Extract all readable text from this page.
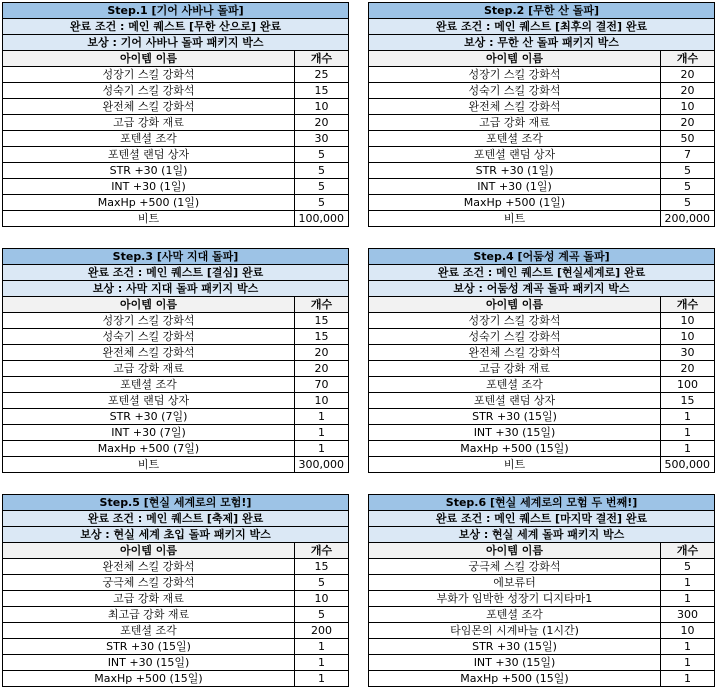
Step.1 [기어 사바나 돌파]	
완료 조건 : 메인 퀘스트 [무한 산으로] 완료	
보상 : 기어 사바나 돌파 패키지 박스	
아이템 이름	개수
성장기 스킬 강화석	25
성숙기 스킬 강화석	15
완전체 스킬 강화석	10
고급 강화 재료	20
포텐셜 조각	30
포텐셜 랜덤 상자	5
STR +30 (1일)	5
INT +30 (1일)	5
MaxHp +500 (1일)	5
비트	100,000
Step.2 [무한 산 돌파]	
완료 조건 : 메인 퀘스트 [최후의 결전] 완료	
보상 : 무한 산 돌파 패키지 박스	
아이템 이름	개수
성장기 스킬 강화석	20
성숙기 스킬 강화석	20
완전체 스킬 강화석	10
고급 강화 재료	20
포텐셜 조각	50
포텐셜 랜덤 상자	7
STR +30 (1일)	5
INT +30 (1일)	5
MaxHp +500 (1일)	5
비트	200,000
Step.3 [사막 지대 돌파]	
완료 조건 : 메인 퀘스트 [결심] 완료	
보상 : 사막 지대 돌파 패키지 박스	
아이템 이름	개수
성장기 스킬 강화석	15
성숙기 스킬 강화석	15
완전체 스킬 강화석	20
고급 강화 재료	20
포텐셜 조각	70
포텐셜 랜덤 상자	10
STR +30 (7일)	1
INT +30 (7일)	1
MaxHp +500 (7일)	1
비트	300,000
Step.4 [어둠성 계곡 돌파]	
완료 조건 : 메인 퀘스트 [현실세계로] 완료	
보상 : 어둠성 계곡 돌파 패키지 박스	
아이템 이름	개수
성장기 스킬 강화석	10
성숙기 스킬 강화석	10
완전체 스킬 강화석	30
고급 강화 재료	20
포텐셜 조각	100
포텐셜 랜덤 상자	15
STR +30 (15일)	1
INT +30 (15일)	1
MaxHp +500 (15일)	1
비트	500,000
Step.5 [현실 세계로의 모험!]	
완료 조건 : 메인 퀘스트 [축제] 완료	
보상 : 현실 세계 초입 돌파 패키지 박스	
아이템 이름	개수
완전체 스킬 강화석	15
궁극체 스킬 강화석	5
고급 강화 재료	10
최고급 강화 재료	5
포텐셜 조각	200
STR +30 (15일)	1
INT +30 (15일)	1
MaxHp +500 (15일)	1
Step.6 [현실 세계로의 모험 두 번째!]	
완료 조건 : 메인 퀘스트 [마지막 결전] 완료	
보상 : 현실 세계 돌파 패키지 박스	
아이템 이름	개수
궁극체 스킬 강화석	5
에보류터	1
부화가 임박한 성장기 디지타마1	1
포텐셜 조각	300
타임몬의 시계바늘 (1시간)	10
STR +30 (15일)	1
INT +30 (15일)	1
MaxHp +500 (15일)	1
